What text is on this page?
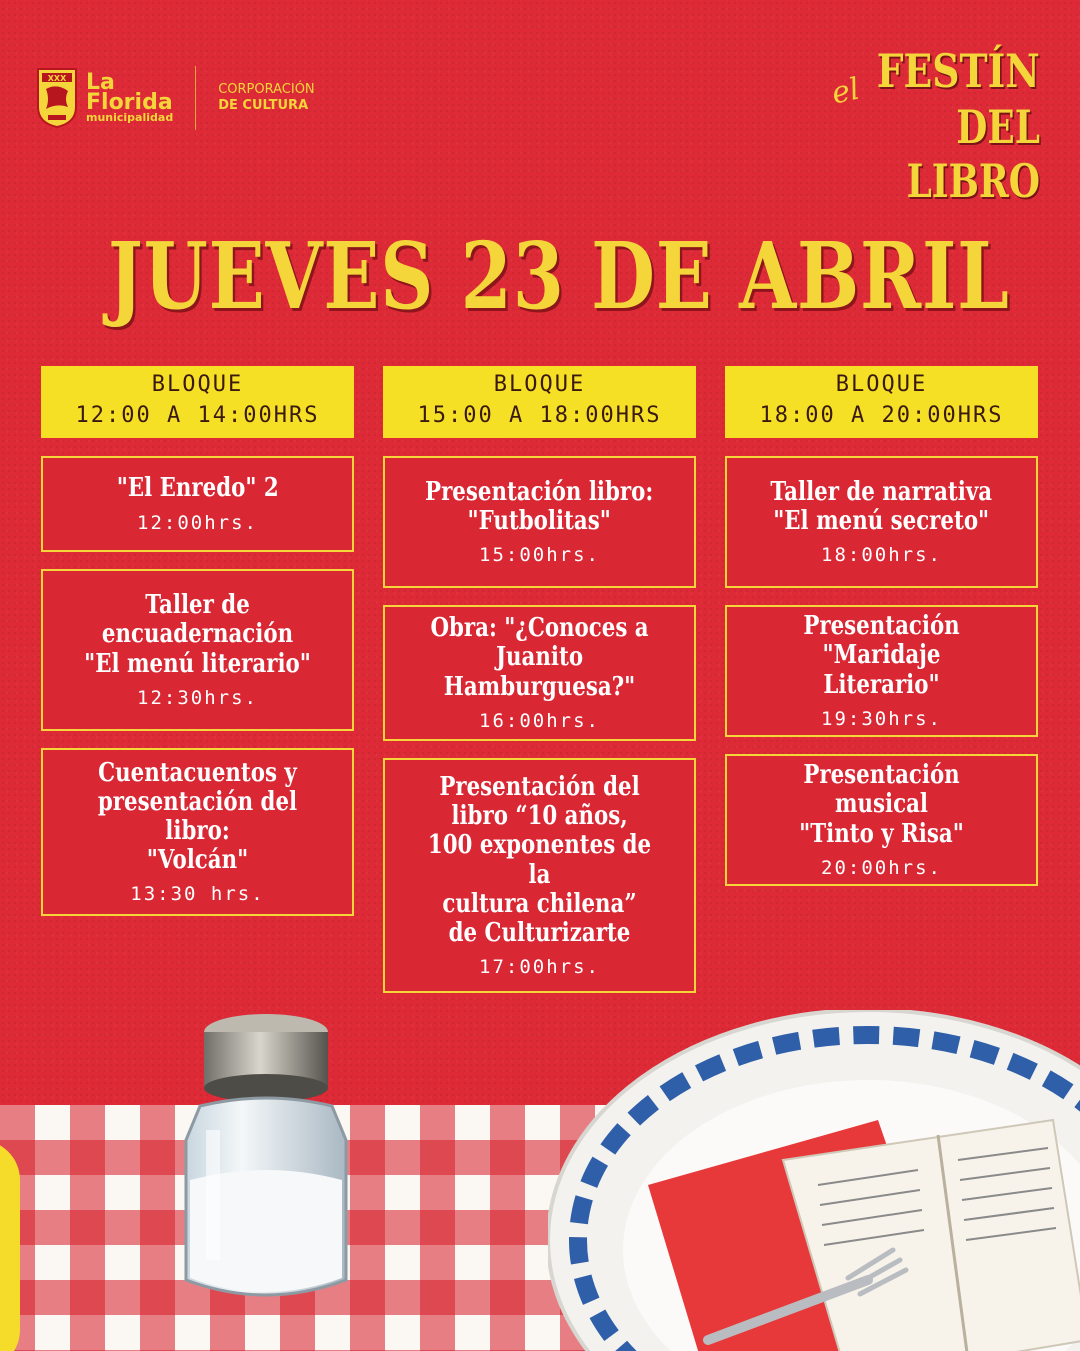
XXX La
Florida
municipalidad
CORPORACIÓN
DE CULTURA	el FESTÍN
DEL LIBRO
JUEVES 23 DE ABRIL
BLOQUE
12:00 A 14:00HRS
"El Enredo" 2
12:00hrs.
Taller de encuadernación
"El menú literario"
12:30hrs.
Cuentacuentos y
presentación del libro:
"Volcán"
13:30 hrs.
BLOQUE
15:00 A 18:00HRS
Presentación libro:
"Futbolitas"
15:00hrs.
Obra: "¿Conoces a
Juanito Hamburguesa?"
16:00hrs.
Presentación del
libro “10 años,
100 exponentes de la
cultura chilena”
de Culturizarte
17:00hrs.
BLOQUE
18:00 A 20:00HRS
Taller de narrativa
"El menú secreto"
18:00hrs.
Presentación
"Maridaje Literario"
19:30hrs.
Presentación musical
"Tinto y Risa"
20:00hrs.
